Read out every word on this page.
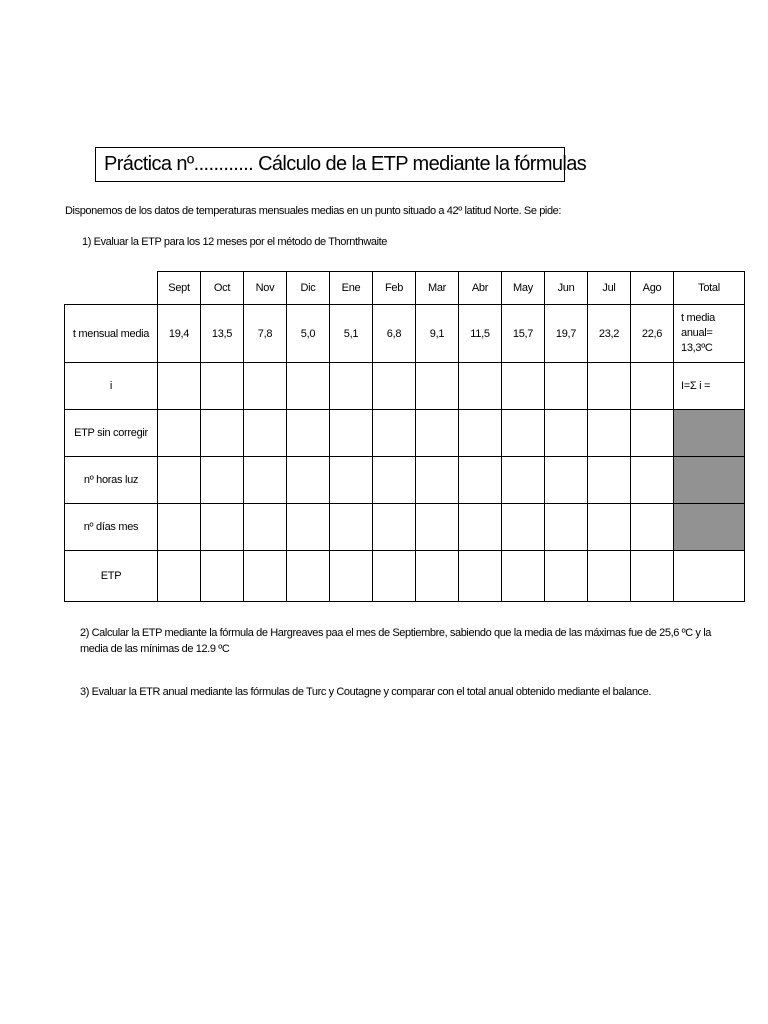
Práctica nº............ Cálculo de la ETP mediante la fórmulas
Disponemos de los datos de temperaturas mensuales medias en un punto situado a 42º latitud Norte. Se pide:
1) Evaluar la ETP para los 12 meses por el método de Thornthwaite
	Sept	Oct	Nov	Dic	Ene	Feb	Mar	Abr	May	Jun	Jul	Ago	Total
t mensual media	19,4	13,5	7,8	5,0	5,1	6,8	9,1	11,5	15,7	19,7	23,2	22,6	t media anual=
13,3ºC
i													I=Σ i =
ETP sin corregir													
nº horas luz													
nº días mes													
ETP													
2) Calcular la ETP mediante la fórmula de Hargreaves paa el mes de Septiembre, sabiendo que la media de las máximas fue de 25,6 ºC y la media de las mínimas de 12.9 ºC
3) Evaluar la ETR anual mediante las fórmulas de Turc y Coutagne y comparar con el total anual obtenido mediante el balance.
